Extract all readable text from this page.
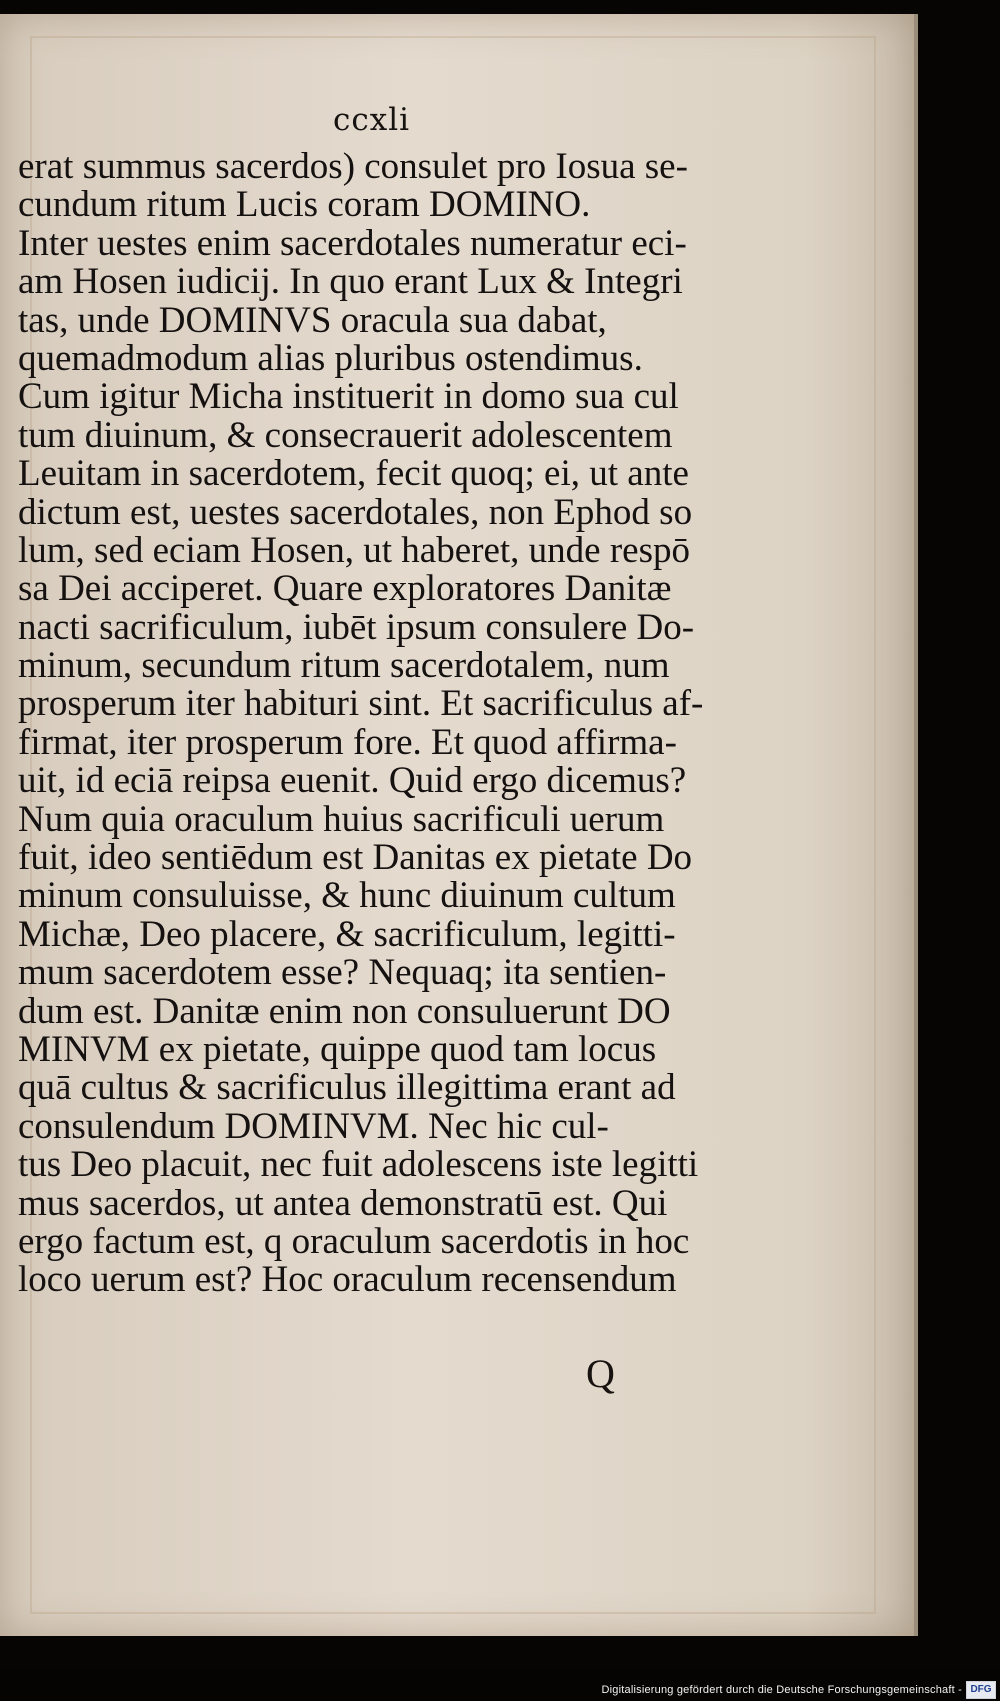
ccxli
erat summus sacerdos) consulet pro Iosua se-
cundum ritum Lucis coram DOMINO.
Inter uestes enim sacerdotales numeratur eci-
am Hosen iudicij. In quo erant Lux & Integri
tas, unde DOMINVS oracula sua dabat,
quemadmodum alias pluribus ostendimus.
Cum igitur Micha instituerit in domo sua cul
tum diuinum, & consecrauerit adolescentem
Leuitam in sacerdotem, fecit quoq; ei, ut ante
dictum est, uestes sacerdotales, non Ephod so
lum, sed eciam Hosen, ut haberet, unde respō
sa Dei acciperet. Quare exploratores Danitæ
nacti sacrificulum, iubēt ipsum consulere Do-
minum, secundum ritum sacerdotalem, num
prosperum iter habituri sint. Et sacrificulus af-
firmat, iter prosperum fore. Et quod affirma-
uit, id eciā reipsa euenit. Quid ergo dicemus?
Num quia oraculum huius sacrificuli uerum
fuit, ideo sentiēdum est Danitas ex pietate Do
minum consuluisse, & hunc diuinum cultum
Michæ, Deo placere, & sacrificulum, legitti-
mum sacerdotem esse? Nequaq; ita sentien-
dum est. Danitæ enim non consuluerunt DO
MINVM ex pietate, quippe quod tam locus
quā cultus & sacrificulus illegittima erant ad
consulendum DOMINVM. Nec hic cul-
tus Deo placuit, nec fuit adolescens iste legitti
mus sacerdos, ut antea demonstratū est. Qui
ergo factum est, q oraculum sacerdotis in hoc
loco uerum est? Hoc oraculum recensendum
Q
Digitalisierung gefördert durch die Deutsche Forschungsgemeinschaft - DFG
